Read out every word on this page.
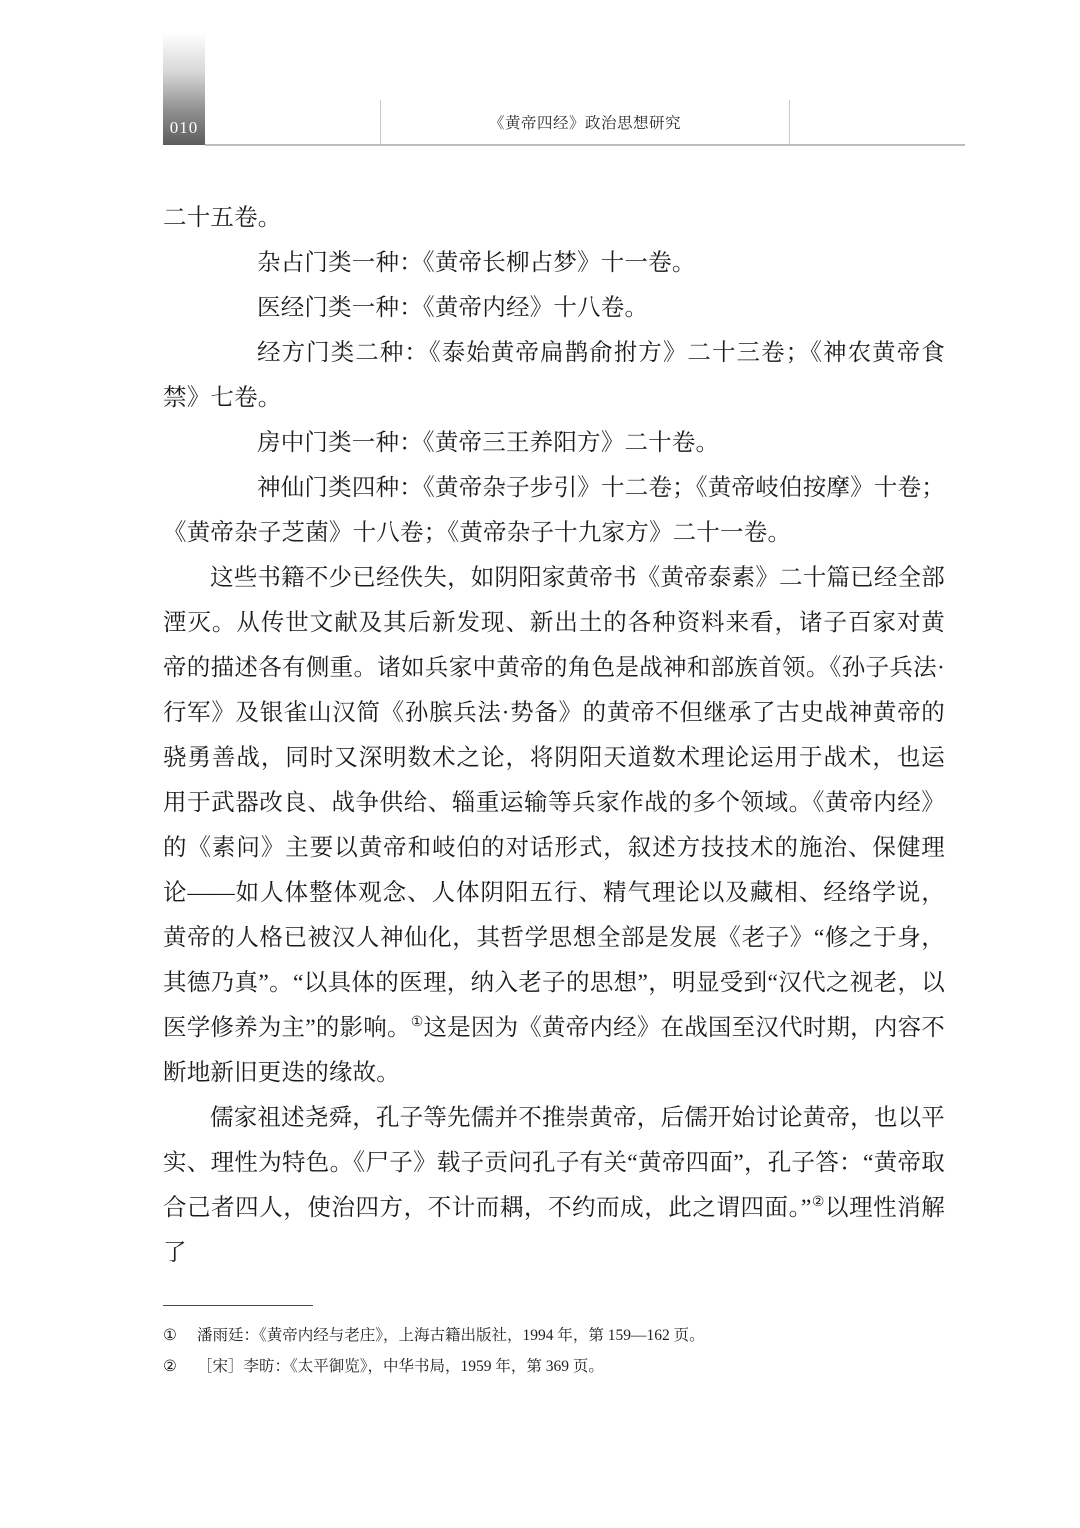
010	《黄帝四经》政治思想研究

二十五卷。

杂占门类一种：《黄帝长柳占梦》十一卷。

医经门类一种：《黄帝内经》十八卷。

经方门类二种：《泰始黄帝扁鹊俞拊方》二十三卷；《神农黄帝食禁》七卷。

房中门类一种：《黄帝三王养阳方》二十卷。

神仙门类四种：《黄帝杂子步引》十二卷；《黄帝岐伯按摩》十卷；《黄帝杂子芝菌》十八卷；《黄帝杂子十九家方》二十一卷。

这些书籍不少已经佚失，如阴阳家黄帝书《黄帝泰素》二十篇已经全部湮灭。从传世文献及其后新发现、新出土的各种资料来看，诸子百家对黄帝的描述各有侧重。诸如兵家中黄帝的角色是战神和部族首领。《孙子兵法·行军》及银雀山汉简《孙膑兵法·势备》的黄帝不但继承了古史战神黄帝的骁勇善战，同时又深明数术之论，将阴阳天道数术理论运用于战术，也运用于武器改良、战争供给、辎重运输等兵家作战的多个领域。《黄帝内经》的《素问》主要以黄帝和岐伯的对话形式，叙述方技技术的施治、保健理论——如人体整体观念、人体阴阳五行、精气理论以及藏相、经络学说，黄帝的人格已被汉人神仙化，其哲学思想全部是发展《老子》“修之于身，其德乃真”。“以具体的医理，纳入老子的思想”，明显受到“汉代之视老，以医学修养为主”的影响。①这是因为《黄帝内经》在战国至汉代时期，内容不断地新旧更迭的缘故。

儒家祖述尧舜，孔子等先儒并不推崇黄帝，后儒开始讨论黄帝，也以平实、理性为特色。《尸子》载子贡问孔子有关“黄帝四面”，孔子答：“黄帝取合己者四人，使治四方，不计而耦，不约而成，此之谓四面。”②以理性消解了

①	潘雨廷：《黄帝内经与老庄》，上海古籍出版社，1994 年，第 159—162 页。
②	［宋］李昉：《太平御览》，中华书局，1959 年，第 369 页。
